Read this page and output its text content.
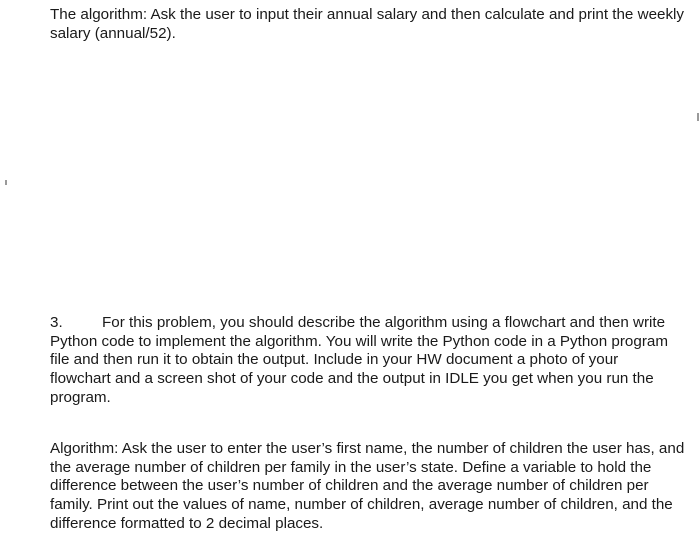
The algorithm: Ask the user to input their annual salary and then calculate and print the weekly
salary (annual/52).

3.	For this problem, you should describe the algorithm using a flowchart and then write
Python code to implement the algorithm. You will write the Python code in a Python program
file and then run it to obtain the output. Include in your HW document a photo of your
flowchart and a screen shot of your code and the output in IDLE you get when you run the
program.

Algorithm: Ask the user to enter the user’s first name, the number of children the user has, and
the average number of children per family in the user’s state. Define a variable to hold the
difference between the user’s number of children and the average number of children per
family. Print out the values of name, number of children, average number of children, and the
difference formatted to 2 decimal places.
